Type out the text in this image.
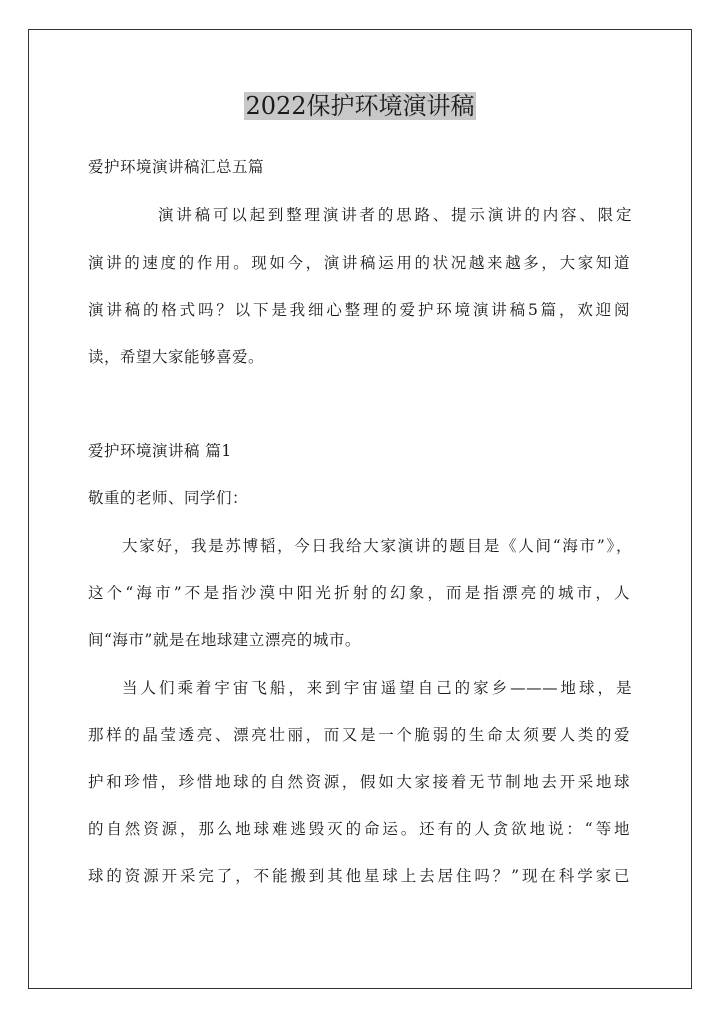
2022保护环境演讲稿
爱护环境演讲稿汇总五篇
演讲稿可以起到整理演讲者的思路、提示演讲的内容、限定
演讲的速度的作用。现如今，演讲稿运用的状况越来越多，大家知道
演讲稿的格式吗？以下是我细心整理的爱护环境演讲稿5篇，欢迎阅
读，希望大家能够喜爱。
爱护环境演讲稿 篇1
敬重的老师、同学们：
大家好，我是苏博韬，今日我给大家演讲的题目是《人间“海市”》，
这个“海市”不是指沙漠中阳光折射的幻象，而是指漂亮的城市，人
间“海市”就是在地球建立漂亮的城市。
当人们乘着宇宙飞船，来到宇宙遥望自己的家乡———地球，是
那样的晶莹透亮、漂亮壮丽，而又是一个脆弱的生命太须要人类的爱
护和珍惜，珍惜地球的自然资源，假如大家接着无节制地去开采地球
的自然资源，那么地球难逃毁灭的命运。还有的人贪欲地说：“等地
球的资源开采完了，不能搬到其他星球上去居住吗？”现在科学家已
